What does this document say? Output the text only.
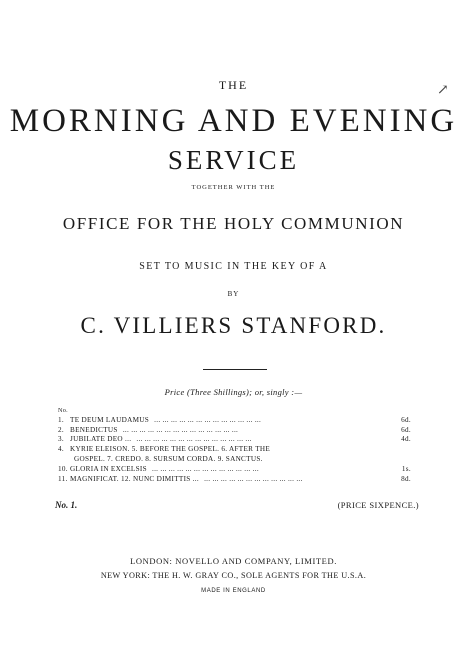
THE	↗
MORNING AND EVENING
SERVICE
TOGETHER WITH THE
OFFICE FOR THE HOLY COMMUNION
SET TO MUSIC IN THE KEY OF A
BY
C. VILLIERS STANFORD.
Price (Three Shillings); or, singly :—
No.
1. TE DEUM LAUDAMUS ... ... ... ... ... ... ... ... ... ... ... ... ...	6d.
2. BENEDICTUS ... ... ... ... ... ... ... ... ... ... ... ... ... ...	6d.
3. JUBILATE DEO ... ... ... ... ... ... ... ... ... ... ... ... ... ... ...	4d.
4. KYRIE ELEISON. 5. BEFORE THE GOSPEL. 6. AFTER THE
GOSPEL. 7. CREDO. 8. SURSUM CORDA. 9. SANCTUS.
10. GLORIA IN EXCELSIS ... ... ... ... ... ... ... ... ... ... ... ... ...	1s.
11. MAGNIFICAT. 12. NUNC DIMITTIS ... ... ... ... ... ... ... ... ... ... ... ... ...	8d.
No. 1.	(PRICE SIXPENCE.)
LONDON: NOVELLO AND COMPANY, LIMITED.
NEW YORK: THE H. W. GRAY CO., SOLE AGENTS FOR THE U.S.A.
MADE IN ENGLAND
